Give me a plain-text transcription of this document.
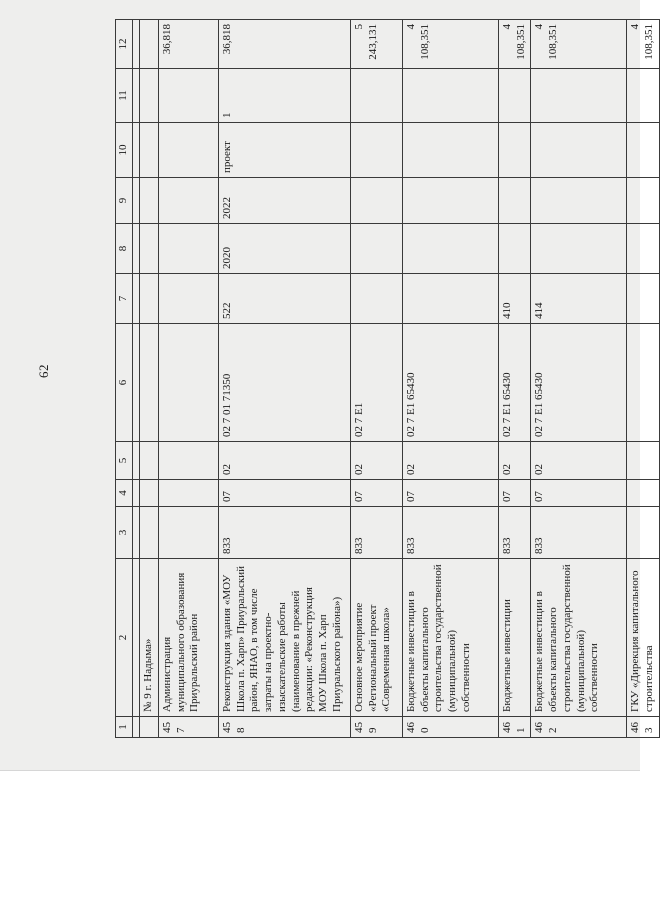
62
1	2	3	4	5	6	7	8	9	10	11	12

	№ 9 г. Надыма»										
457	Администрация муниципального образования Приуральский район										36,818
458	Реконструкция здания «МОУ Школа п. Харп» Приуральский район, ЯНАО, в том числе затраты на проектно-изыскательские работы (наименование в прежней редакции: «Реконструкция МОУ Школа п. Харп Приуральского района»)	833	07	02	02 7 01 71350	522	2020	2022	проект	1	36,818
459	Основное мероприятие «Региональный проект «Современная школа»	833	07	02	02 7 E1						5 243,131
460	Бюджетные инвестиции в объекты капитального строительства государственной (муниципальной) собственности	833	07	02	02 7 E1 65430						4 108,351
461	Бюджетные инвестиции	833	07	02	02 7 E1 65430	410					4 108,351
462	Бюджетные инвестиции в объекты капитального строительства государственной (муниципальной) собственности	833	07	02	02 7 E1 65430	414					4 108,351
463	ГКУ «Дирекция капитального строительства										4 108,351
